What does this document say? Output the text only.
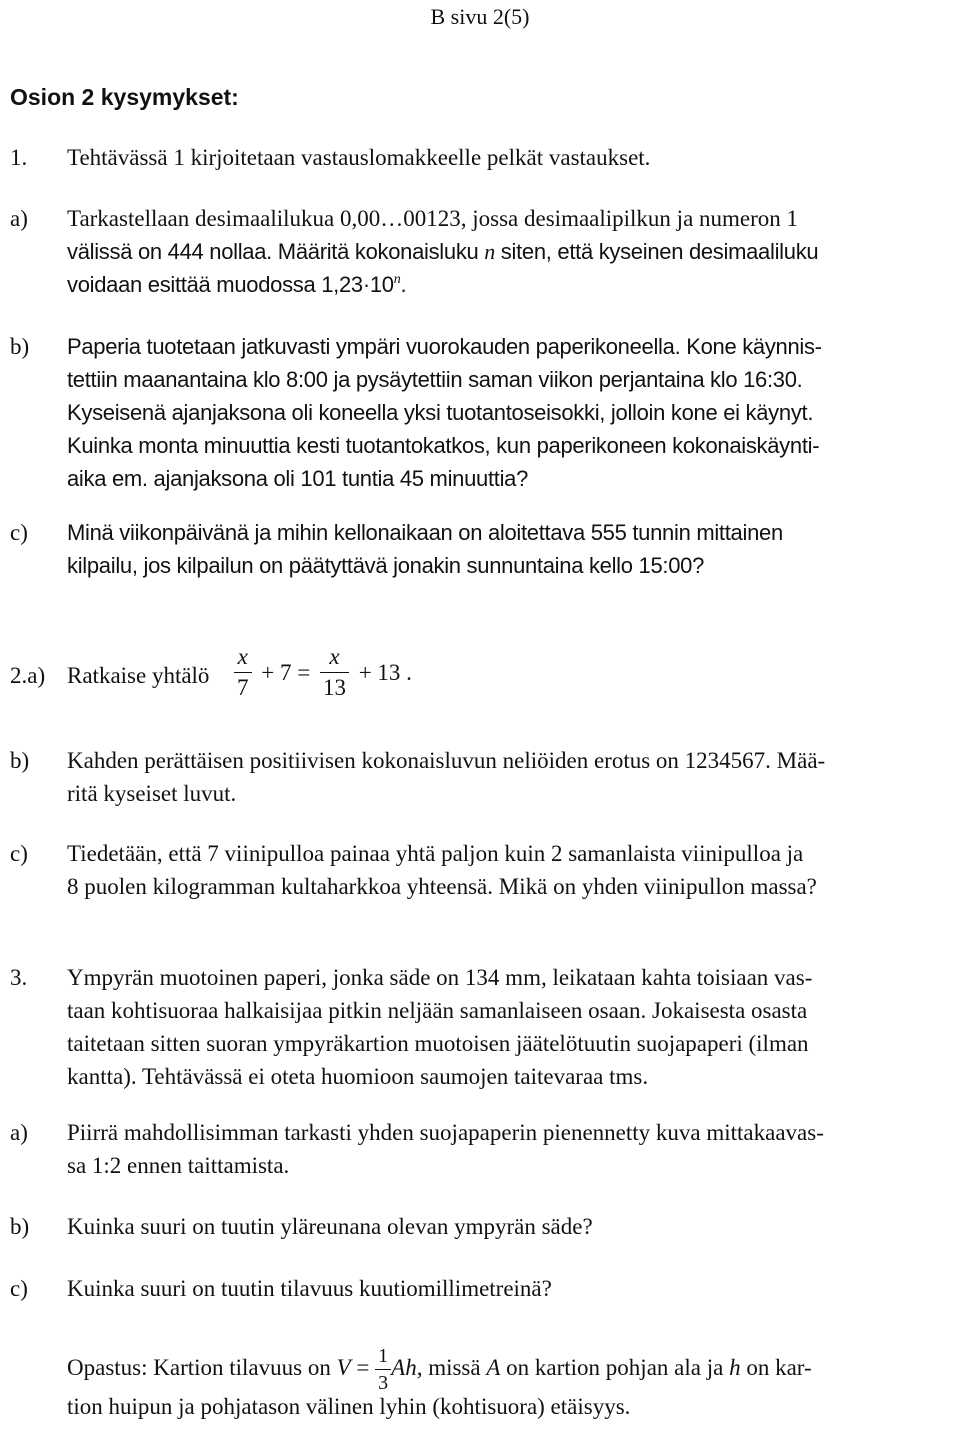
B sivu 2(5)
Osion 2 kysymykset:
1. Tehtävässä 1 kirjoitetaan vastauslomakkeelle pelkät vastaukset.
a) Tarkastellaan desimaalilukua 0,00…00123, jossa desimaalipilkun ja numeron 1
välissä on 444 nollaa. Määritä kokonaisluku n siten, että kyseinen desimaaliluku
voidaan esittää muodossa $1,23\cdot 10^n$.
b) Paperia tuotetaan jatkuvasti ympäri vuorokauden paperikoneella. Kone käynnis-
tettiin maanantaina klo 8:00 ja pysäytettiin saman viikon perjantaina klo 16:30.
Kyseisenä ajanjaksona oli koneella yksi tuotantoseisokki, jolloin kone ei käynyt.
Kuinka monta minuuttia kesti tuotantokatkos, kun paperikoneen kokonaiskäynti-
aika em. ajanjaksona oli 101 tuntia 45 minuuttia?
c) Minä viikonpäivänä ja mihin kellonaikaan on aloitettava 555 tunnin mittainen
kilpailu, jos kilpailun on päätyttävä jonakin sunnuntaina kello 15:00?
2.a) Ratkaise yhtälö	$\frac{x}{7} + 7 = \frac{x}{13} + 13$ .
b) Kahden perättäisen positiivisen kokonaisluvun neliöiden erotus on 1234567. Mää-
ritä kyseiset luvut.
c) Tiedetään, että 7 viinipulloa painaa yhtä paljon kuin 2 samanlaista viinipulloa ja
8 puolen kilogramman kultaharkkoa yhteensä. Mikä on yhden viinipullon massa?
3. Ympyrän muotoinen paperi, jonka säde on 134 mm, leikataan kahta toisiaan vas-
taan kohtisuoraa halkaisijaa pitkin neljään samanlaiseen osaan. Jokaisesta osasta
taitetaan sitten suoran ympyräkartion muotoisen jäätelötuutin suojapaperi (ilman
kantta). Tehtävässä ei oteta huomioon saumojen taitevaraa tms.
a) Piirrä mahdollisimman tarkasti yhden suojapaperin pienennetty kuva mittakaavas-
sa 1:2 ennen taittamista.
b) Kuinka suuri on tuutin yläreunana olevan ympyrän säde?
c) Kuinka suuri on tuutin tilavuus kuutiomillimetreinä?
Opastus: Kartion tilavuus on $V = \frac{1}{3} Ah$, missä A on kartion pohjan ala ja h on kar-
tion huipun ja pohjatason välinen lyhin (kohtisuora) etäisyys.
